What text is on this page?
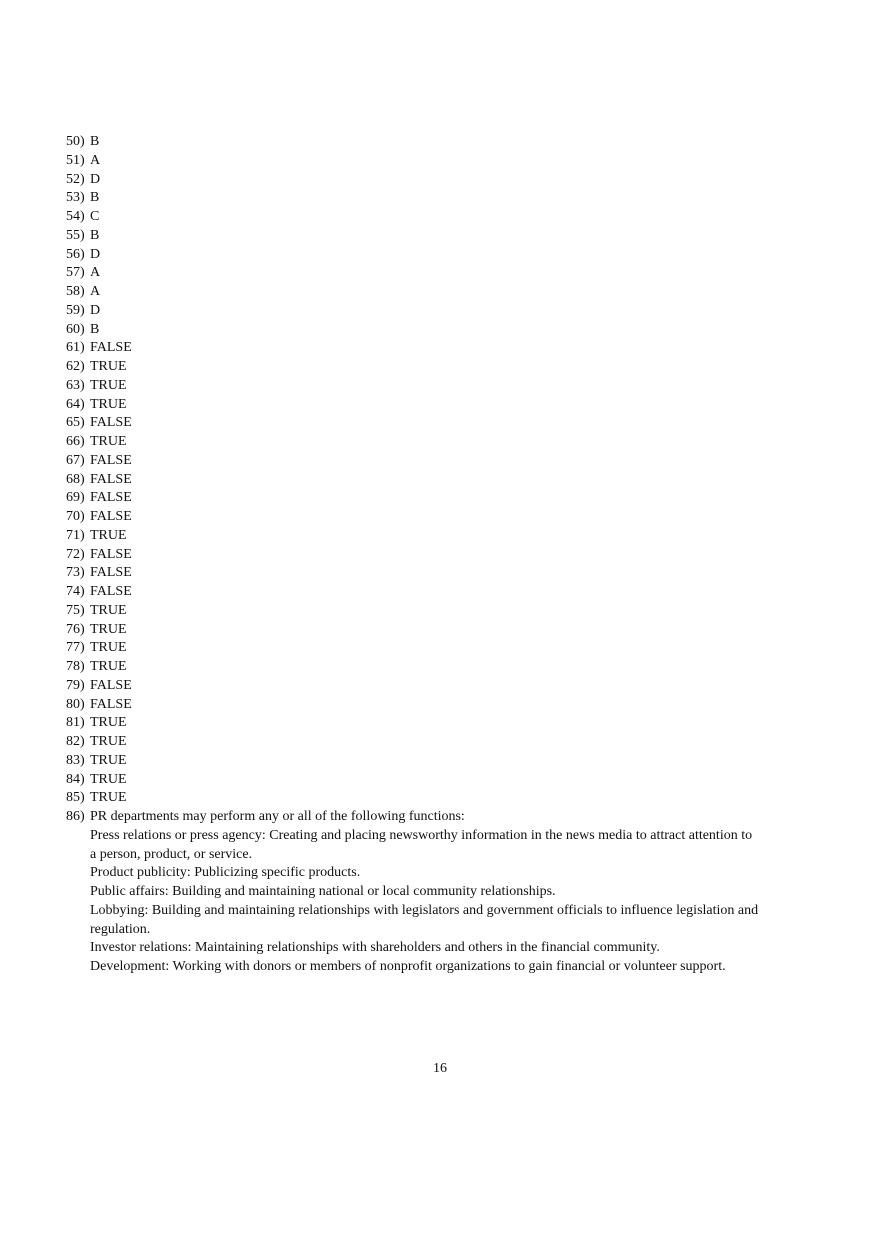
50) B
51) A
52) D
53) B
54) C
55) B
56) D
57) A
58) A
59) D
60) B
61) FALSE
62) TRUE
63) TRUE
64) TRUE
65) FALSE
66) TRUE
67) FALSE
68) FALSE
69) FALSE
70) FALSE
71) TRUE
72) FALSE
73) FALSE
74) FALSE
75) TRUE
76) TRUE
77) TRUE
78) TRUE
79) FALSE
80) FALSE
81) TRUE
82) TRUE
83) TRUE
84) TRUE
85) TRUE
86) PR departments may perform any or all of the following functions:
Press relations or press agency: Creating and placing newsworthy information in the news media to attract attention to a person, product, or service.
Product publicity: Publicizing specific products.
Public affairs: Building and maintaining national or local community relationships.
Lobbying: Building and maintaining relationships with legislators and government officials to influence legislation and regulation.
Investor relations: Maintaining relationships with shareholders and others in the financial community.
Development: Working with donors or members of nonprofit organizations to gain financial or volunteer support.
16
